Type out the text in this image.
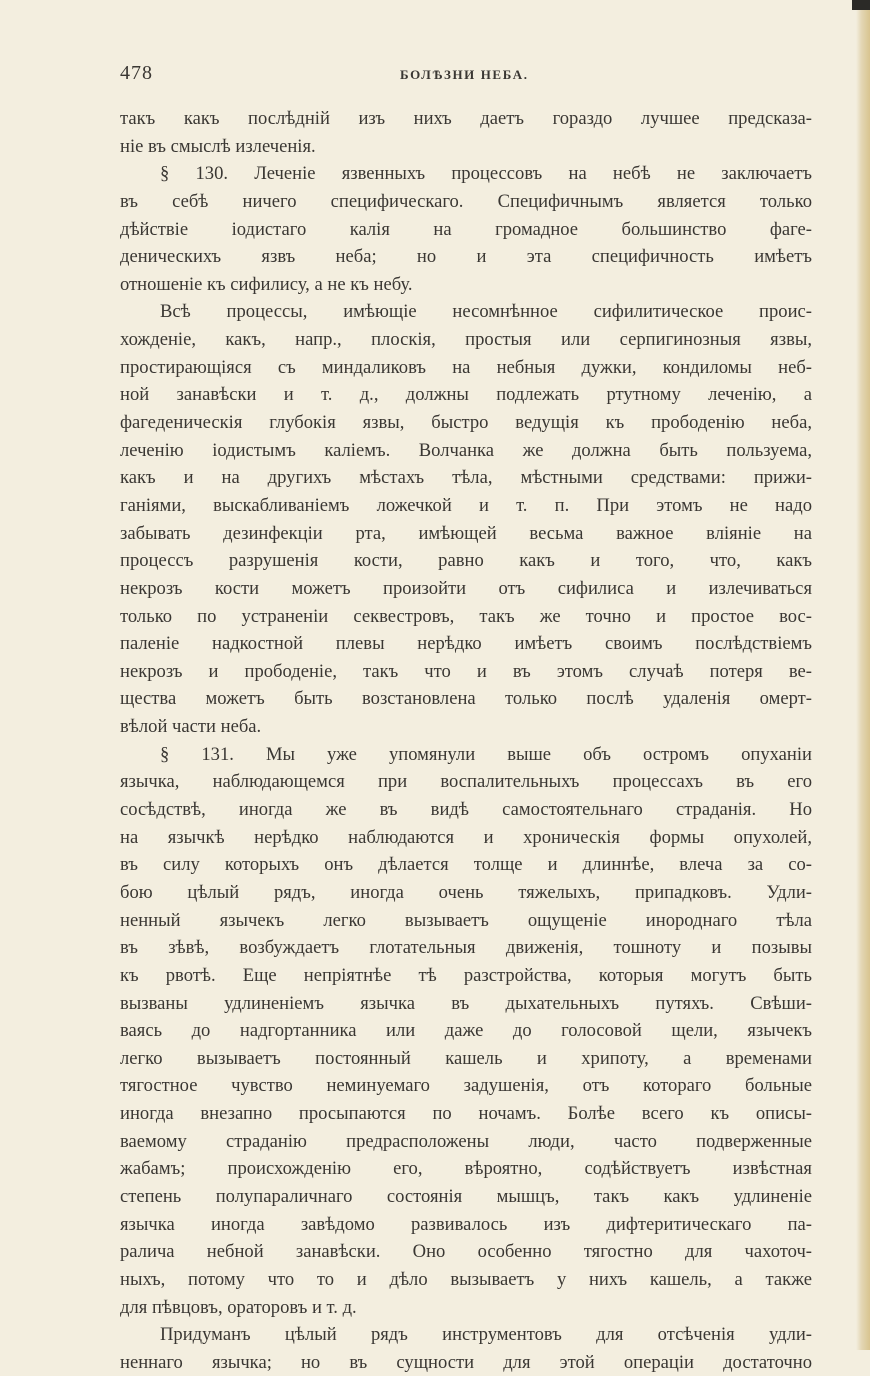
478	БОЛѢЗНИ НЕБА.
такъ какъ послѣдній изъ нихъ даетъ гораздо лучшее предсказа-
ніе въ смыслѣ излеченія.
§ 130. Леченіе язвенныхъ процессовъ на небѣ не заключаетъ
въ себѣ ничего специфическаго. Специфичнымъ является только
дѣйствіе іодистаго калія на громадное большинство фаге-
деническихъ язвъ неба; но и эта специфичность имѣетъ
отношеніе къ сифилису, а не къ небу.
Всѣ процессы, имѣющіе несомнѣнное сифилитическое проис-
хожденіе, какъ, напр., плоскія, простыя или серпигинозныя язвы,
простирающіяся съ миндаликовъ на небныя дужки, кондиломы неб-
ной занавѣски и т. д., должны подлежать ртутному леченію, а
фагеденическія глубокія язвы, быстро ведущія къ прободенію неба,
леченію іодистымъ каліемъ. Волчанка же должна быть пользуема,
какъ и на другихъ мѣстахъ тѣла, мѣстными средствами: прижи-
ганіями, выскабливаніемъ ложечкой и т. п. При этомъ не надо
забывать дезинфекціи рта, имѣющей весьма важное вліяніе на
процессъ разрушенія кости, равно какъ и того, что, какъ
некрозъ кости можетъ произойти отъ сифилиса и излечиваться
только по устраненіи секвестровъ, такъ же точно и простое вос-
паленіе надкостной плевы нерѣдко имѣетъ своимъ послѣдствіемъ
некрозъ и прободеніе, такъ что и въ этомъ случаѣ потеря ве-
щества можетъ быть возстановлена только послѣ удаленія омерт-
вѣлой части неба.
§ 131. Мы уже упомянули выше объ остромъ опуханіи
язычка, наблюдающемся при воспалительныхъ процессахъ въ его
сосѣдствѣ, иногда же въ видѣ самостоятельнаго страданія. Но
на язычкѣ нерѣдко наблюдаются и хроническія формы опухолей,
въ силу которыхъ онъ дѣлается толще и длиннѣе, влеча за со-
бою цѣлый рядъ, иногда очень тяжелыхъ, припадковъ. Удли-
ненный язычекъ легко вызываетъ ощущеніе инороднаго тѣла
въ зѣвѣ, возбуждаетъ глотательныя движенія, тошноту и позывы
къ рвотѣ. Еще непріятнѣе тѣ разстройства, которыя могутъ быть
вызваны удлиненіемъ язычка въ дыхательныхъ путяхъ. Свѣши-
ваясь до надгортанника или даже до голосовой щели, язычекъ
легко вызываетъ постоянный кашель и хрипоту, а временами
тягостное чувство неминуемаго задушенія, отъ котораго больные
иногда внезапно просыпаются по ночамъ. Болѣе всего къ описы-
ваемому страданію предрасположены люди, часто подверженные
жабамъ; происхожденію его, вѣроятно, содѣйствуетъ извѣстная
степень полупараличнаго состоянія мышцъ, такъ какъ удлиненіе
язычка иногда завѣдомо развивалось изъ дифтеритическаго па-
ралича небной занавѣски. Оно особенно тягостно для чахоточ-
ныхъ, потому что то и дѣло вызываетъ у нихъ кашель, а также
для пѣвцовъ, ораторовъ и т. д.
Придуманъ цѣлый рядъ инструментовъ для отсѣченія удли-
неннаго язычка; но въ сущности для этой операціи достаточно
